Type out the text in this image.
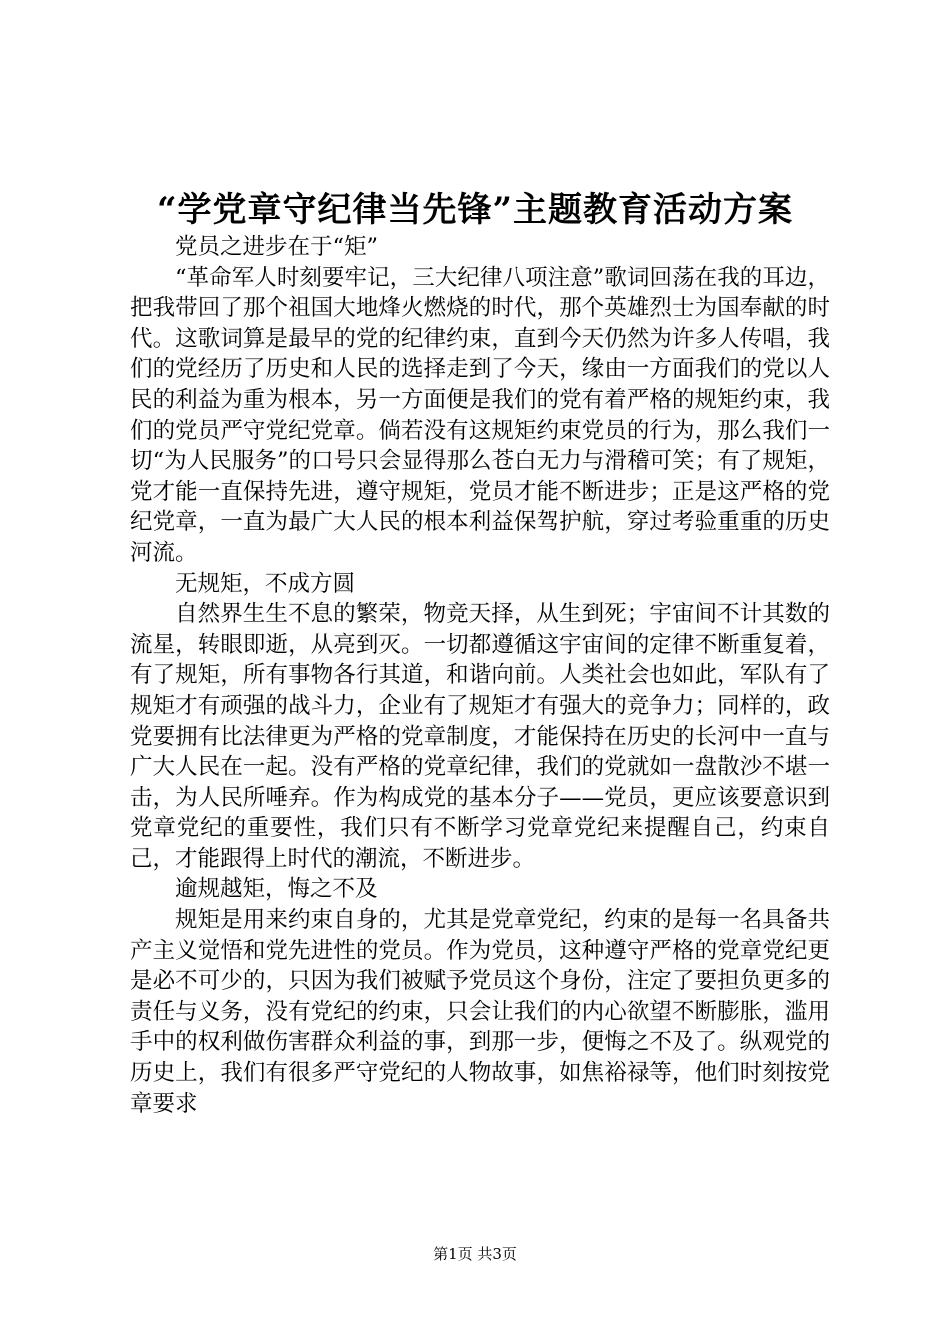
“学党章守纪律当先锋”主题教育活动方案

党员之进步在于“矩”

“革命军人时刻要牢记，三大纪律八项注意”歌词回荡在我的耳边，把我带回了那个祖国大地烽火燃烧的时代，那个英雄烈士为国奉献的时代。这歌词算是最早的党的纪律约束，直到今天仍然为许多人传唱，我们的党经历了历史和人民的选择走到了今天，缘由一方面我们的党以人民的利益为重为根本，另一方面便是我们的党有着严格的规矩约束，我们的党员严守党纪党章。倘若没有这规矩约束党员的行为，那么我们一切“为人民服务”的口号只会显得那么苍白无力与滑稽可笑；有了规矩，党才能一直保持先进，遵守规矩，党员才能不断进步；正是这严格的党纪党章，一直为最广大人民的根本利益保驾护航，穿过考验重重的历史河流。

无规矩，不成方圆

自然界生生不息的繁荣，物竞天择，从生到死；宇宙间不计其数的流星，转眼即逝，从亮到灭。一切都遵循这宇宙间的定律不断重复着，有了规矩，所有事物各行其道，和谐向前。人类社会也如此，军队有了规矩才有顽强的战斗力，企业有了规矩才有强大的竞争力；同样的，政党要拥有比法律更为严格的党章制度，才能保持在历史的长河中一直与广大人民在一起。没有严格的党章纪律，我们的党就如一盘散沙不堪一击，为人民所唾弃。作为构成党的基本分子——党员，更应该要意识到党章党纪的重要性，我们只有不断学习党章党纪来提醒自己，约束自己，才能跟得上时代的潮流，不断进步。

逾规越矩，悔之不及

规矩是用来约束自身的，尤其是党章党纪，约束的是每一名具备共产主义觉悟和党先进性的党员。作为党员，这种遵守严格的党章党纪更是必不可少的，只因为我们被赋予党员这个身份，注定了要担负更多的责任与义务，没有党纪的约束，只会让我们的内心欲望不断膨胀，滥用手中的权利做伤害群众利益的事，到那一步，便悔之不及了。纵观党的历史上，我们有很多严守党纪的人物故事，如焦裕禄等，他们时刻按党章要求

第1页 共3页
